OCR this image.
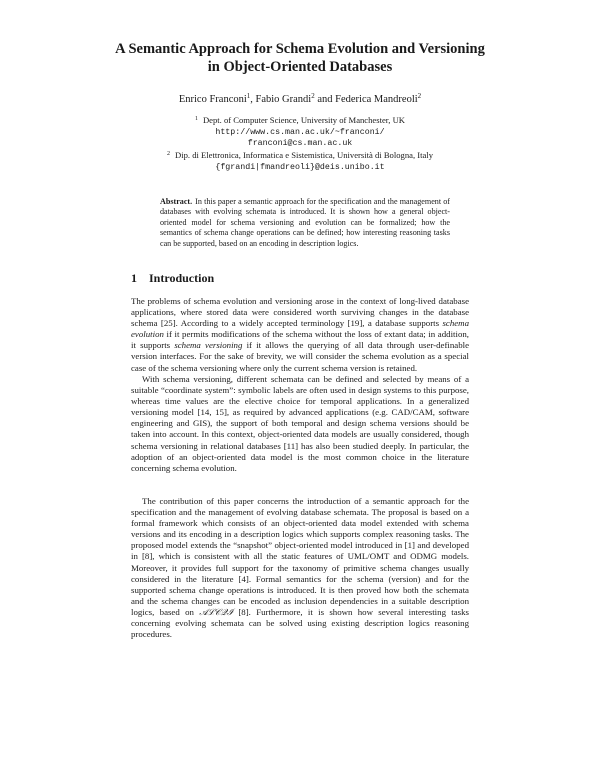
A Semantic Approach for Schema Evolution and Versioning
in Object-Oriented Databases
Enrico Franconi$^1$, Fabio Grandi$^2$ and Federica Mandreoli$^2$
$^1$ Dept. of Computer Science, University of Manchester, UK
http://www.cs.man.ac.uk/~franconi/
franconi@cs.man.ac.uk
$^2$ Dip. di Elettronica, Informatica e Sistemistica, Università di Bologna, Italy
{fgrandi|fmandreoli}@deis.unibo.it

Abstract. In this paper a semantic approach for the specification and the management of databases with evolving schemata is introduced. It is shown how a general object-oriented model for schema versioning and evolution can be formalized; how the semantics of schema change operations can be defined; how interesting reasoning tasks can be supported, based on an encoding in description logics.

1 Introduction

The problems of schema evolution and versioning arose in the context of long-lived database applications, where stored data were considered worth surviving changes in the database schema [25]. According to a widely accepted terminology [19], a database supports schema evolution if it permits modifications of the schema without the loss of extant data; in addition, it supports schema versioning if it allows the querying of all data through user-definable version interfaces. For the sake of brevity, we will consider the schema evolution as a special case of the schema versioning where only the current schema version is retained.

With schema versioning, different schemata can be defined and selected by means of a suitable “coordinate system”: symbolic labels are often used in design systems to this purpose, whereas time values are the elective choice for temporal applications. In a generalized versioning model [14, 15], as required by advanced applications (e.g. CAD/CAM, software engineering and GIS), the support of both temporal and design schema versions should be taken into account. In this context, object-oriented data models are usually considered, though schema versioning in relational databases [11] has also been studied deeply. In particular, the adoption of an object-oriented data model is the most common choice in the literature concerning schema evolution.

The contribution of this paper concerns the introduction of a semantic approach for the specification and the management of evolving database schemata. The proposal is based on a formal framework which consists of an object-oriented data model extended with schema versions and its encoding in a description logics which supports complex reasoning tasks. The proposed model extends the “snapshot” object-oriented model introduced in [1] and developed in [8], which is consistent with all the static features of UML/OMT and ODMG models. Moreover, it provides full support for the taxonomy of primitive schema changes usually considered in the literature [4]. Formal semantics for the schema (version) and for the supported schema change operations is introduced. It is then proved how both the schemata and the schema changes can be encoded as inclusion dependencies in a suitable description logics, based on 𝒜ℒ𝒞𝒬ℐ [8]. Furthermore, it is shown how several interesting tasks concerning evolving schemata can be solved using existing description logics reasoning procedures.
